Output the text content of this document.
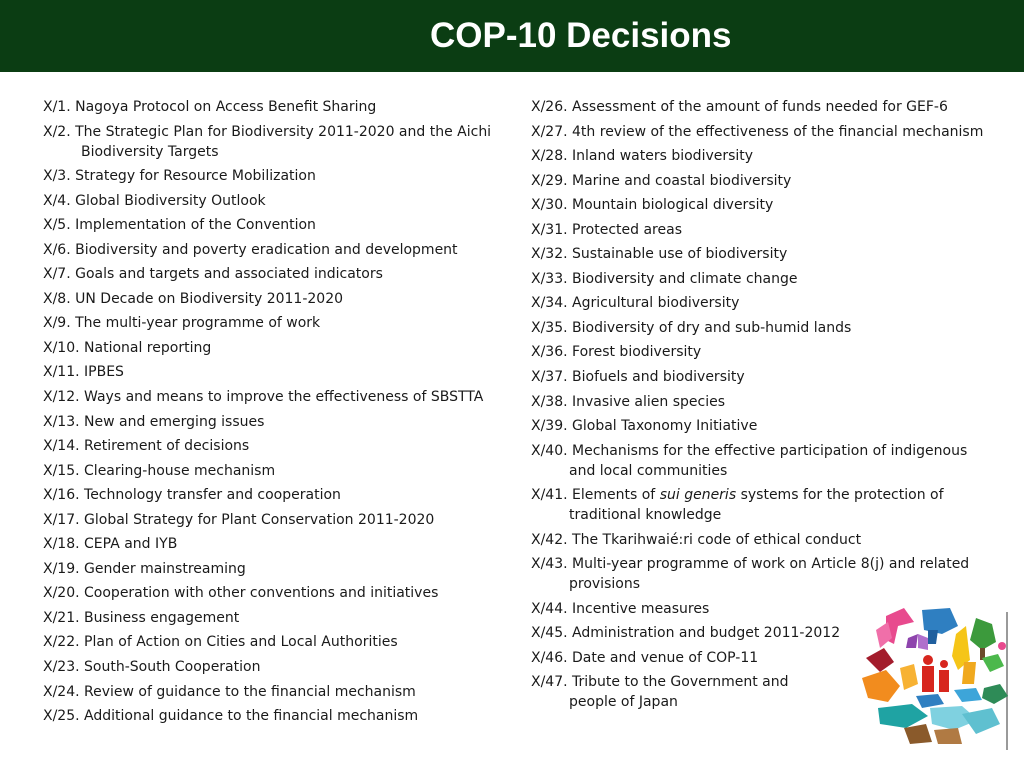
COP-10 Decisions
X/1. Nagoya Protocol on Access Benefit Sharing
X/2. The Strategic Plan for Biodiversity 2011-2020 and the Aichi
Biodiversity Targets
X/3. Strategy for Resource Mobilization
X/4. Global Biodiversity Outlook
X/5. Implementation of the Convention
X/6. Biodiversity and poverty eradication and development
X/7. Goals and targets and associated indicators
X/8. UN Decade on Biodiversity 2011-2020
X/9. The multi-year programme of work
X/10. National reporting
X/11. IPBES
X/12. Ways and means to improve the effectiveness of SBSTTA
X/13. New and emerging issues
X/14. Retirement of decisions
X/15. Clearing-house mechanism
X/16. Technology transfer and cooperation
X/17. Global Strategy for Plant Conservation 2011-2020
X/18. CEPA and IYB
X/19. Gender mainstreaming
X/20. Cooperation with other conventions and initiatives
X/21. Business engagement
X/22. Plan of Action on Cities and Local Authorities
X/23. South-South Cooperation
X/24. Review of guidance to the financial mechanism
X/25. Additional guidance to the financial mechanism
X/26. Assessment of the amount of funds needed for GEF-6
X/27. 4th review of the effectiveness of the financial mechanism
X/28. Inland waters biodiversity
X/29. Marine and coastal biodiversity
X/30. Mountain biological diversity
X/31. Protected areas
X/32. Sustainable use of biodiversity
X/33. Biodiversity and climate change
X/34. Agricultural biodiversity
X/35. Biodiversity of dry and sub-humid lands
X/36. Forest biodiversity
X/37. Biofuels and biodiversity
X/38. Invasive alien species
X/39. Global Taxonomy Initiative
X/40. Mechanisms for the effective participation of indigenous
and local communities
X/41. Elements of sui generis systems for the protection of
traditional knowledge
X/42. The Tkarihwaié:ri code of ethical conduct
X/43. Multi-year programme of work on Article 8(j) and related
provisions
X/44. Incentive measures
X/45. Administration and budget 2011-2012
X/46. Date and venue of COP-11
X/47. Tribute to the Government and
people of Japan
